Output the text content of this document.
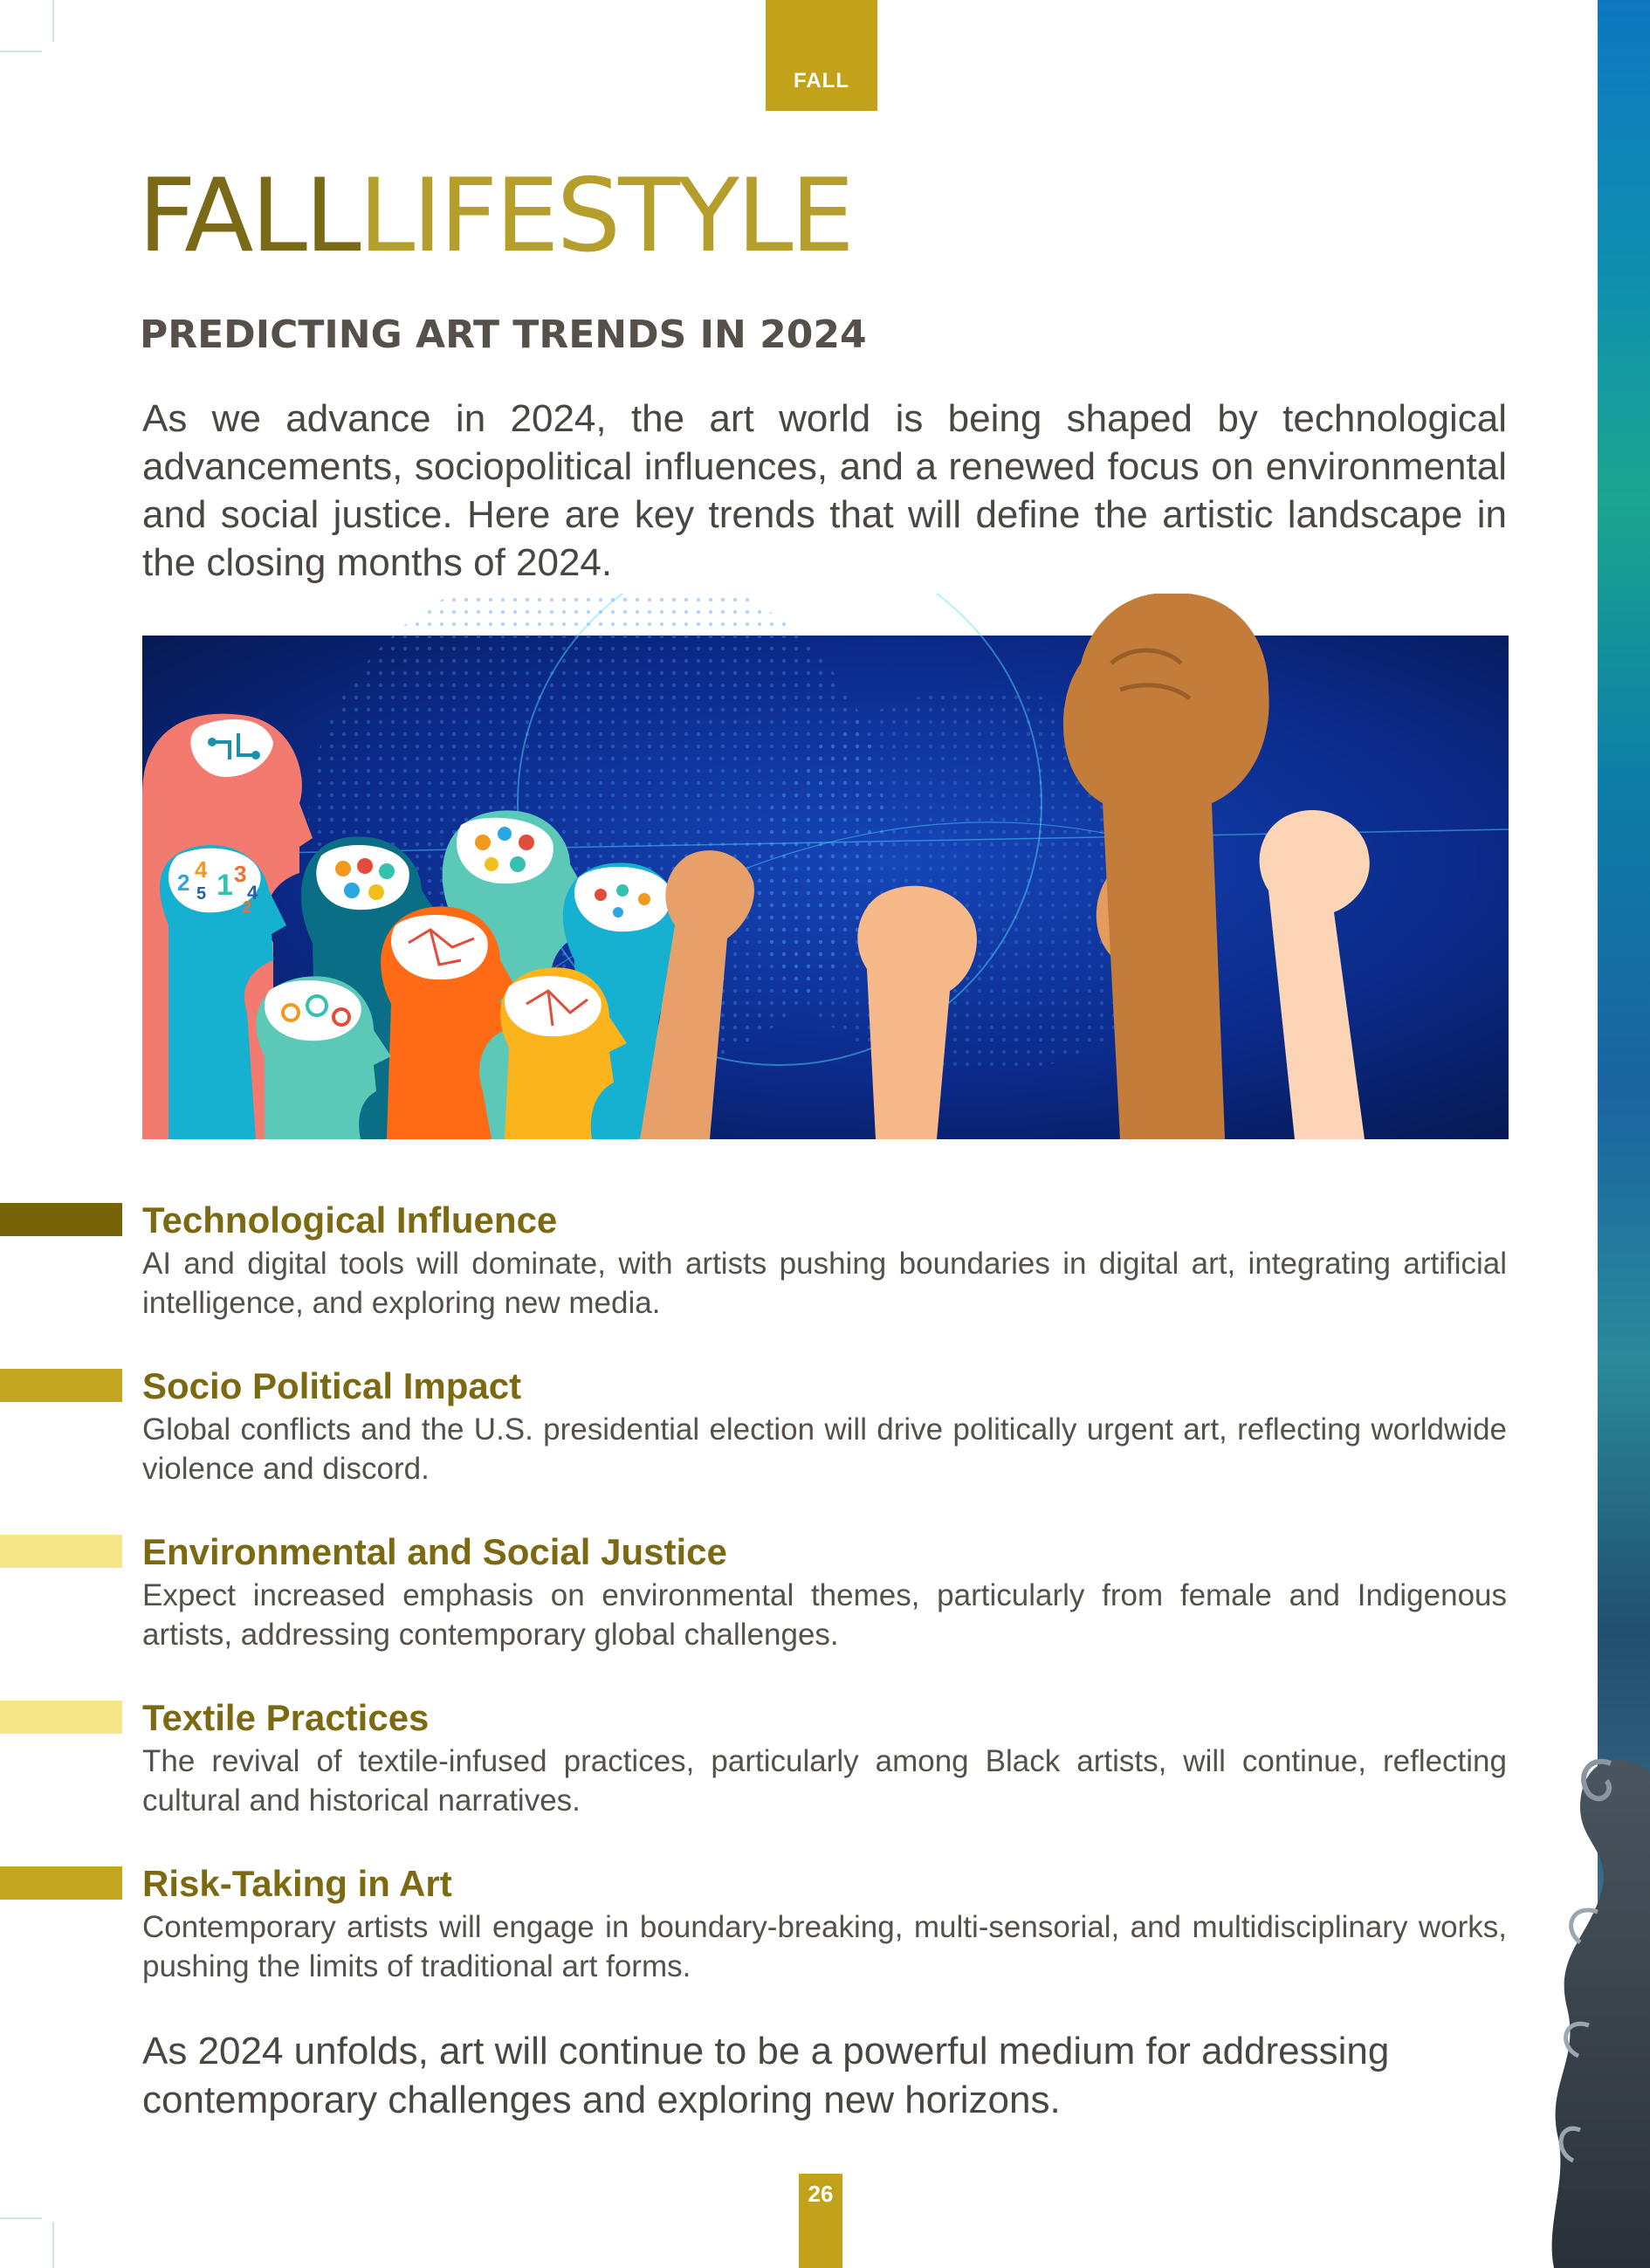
FALL
FALLLIFESTYLE
PREDICTING ART TRENDS IN 2024

As we advance in 2024, the art world is being shaped by technological advancements, sociopolitical influences, and a renewed focus on environmental and social justice. Here are key trends that will define the artistic landscape in the closing months of 2024.

2 4 1 3
5 4
2
Technological Influence

AI and digital tools will dominate, with artists pushing boundaries in digital art, integrating artificial intelligence, and exploring new media.

Socio Political Impact

Global conflicts and the U.S. presidential election will drive politically urgent art, reflecting worldwide violence and discord.

Environmental and Social Justice

Expect increased emphasis on environmental themes, particularly from female and Indigenous artists, addressing contemporary global challenges.

Textile Practices

The revival of textile-infused practices, particularly among Black artists, will continue, reflecting cultural and historical narratives.

Risk-Taking in Art

Contemporary artists will engage in boundary-breaking, multi-sensorial, and multidisciplinary works, pushing the limits of traditional art forms.

As 2024 unfolds, art will continue to be a powerful medium for addressing contemporary challenges and exploring new horizons.

26
